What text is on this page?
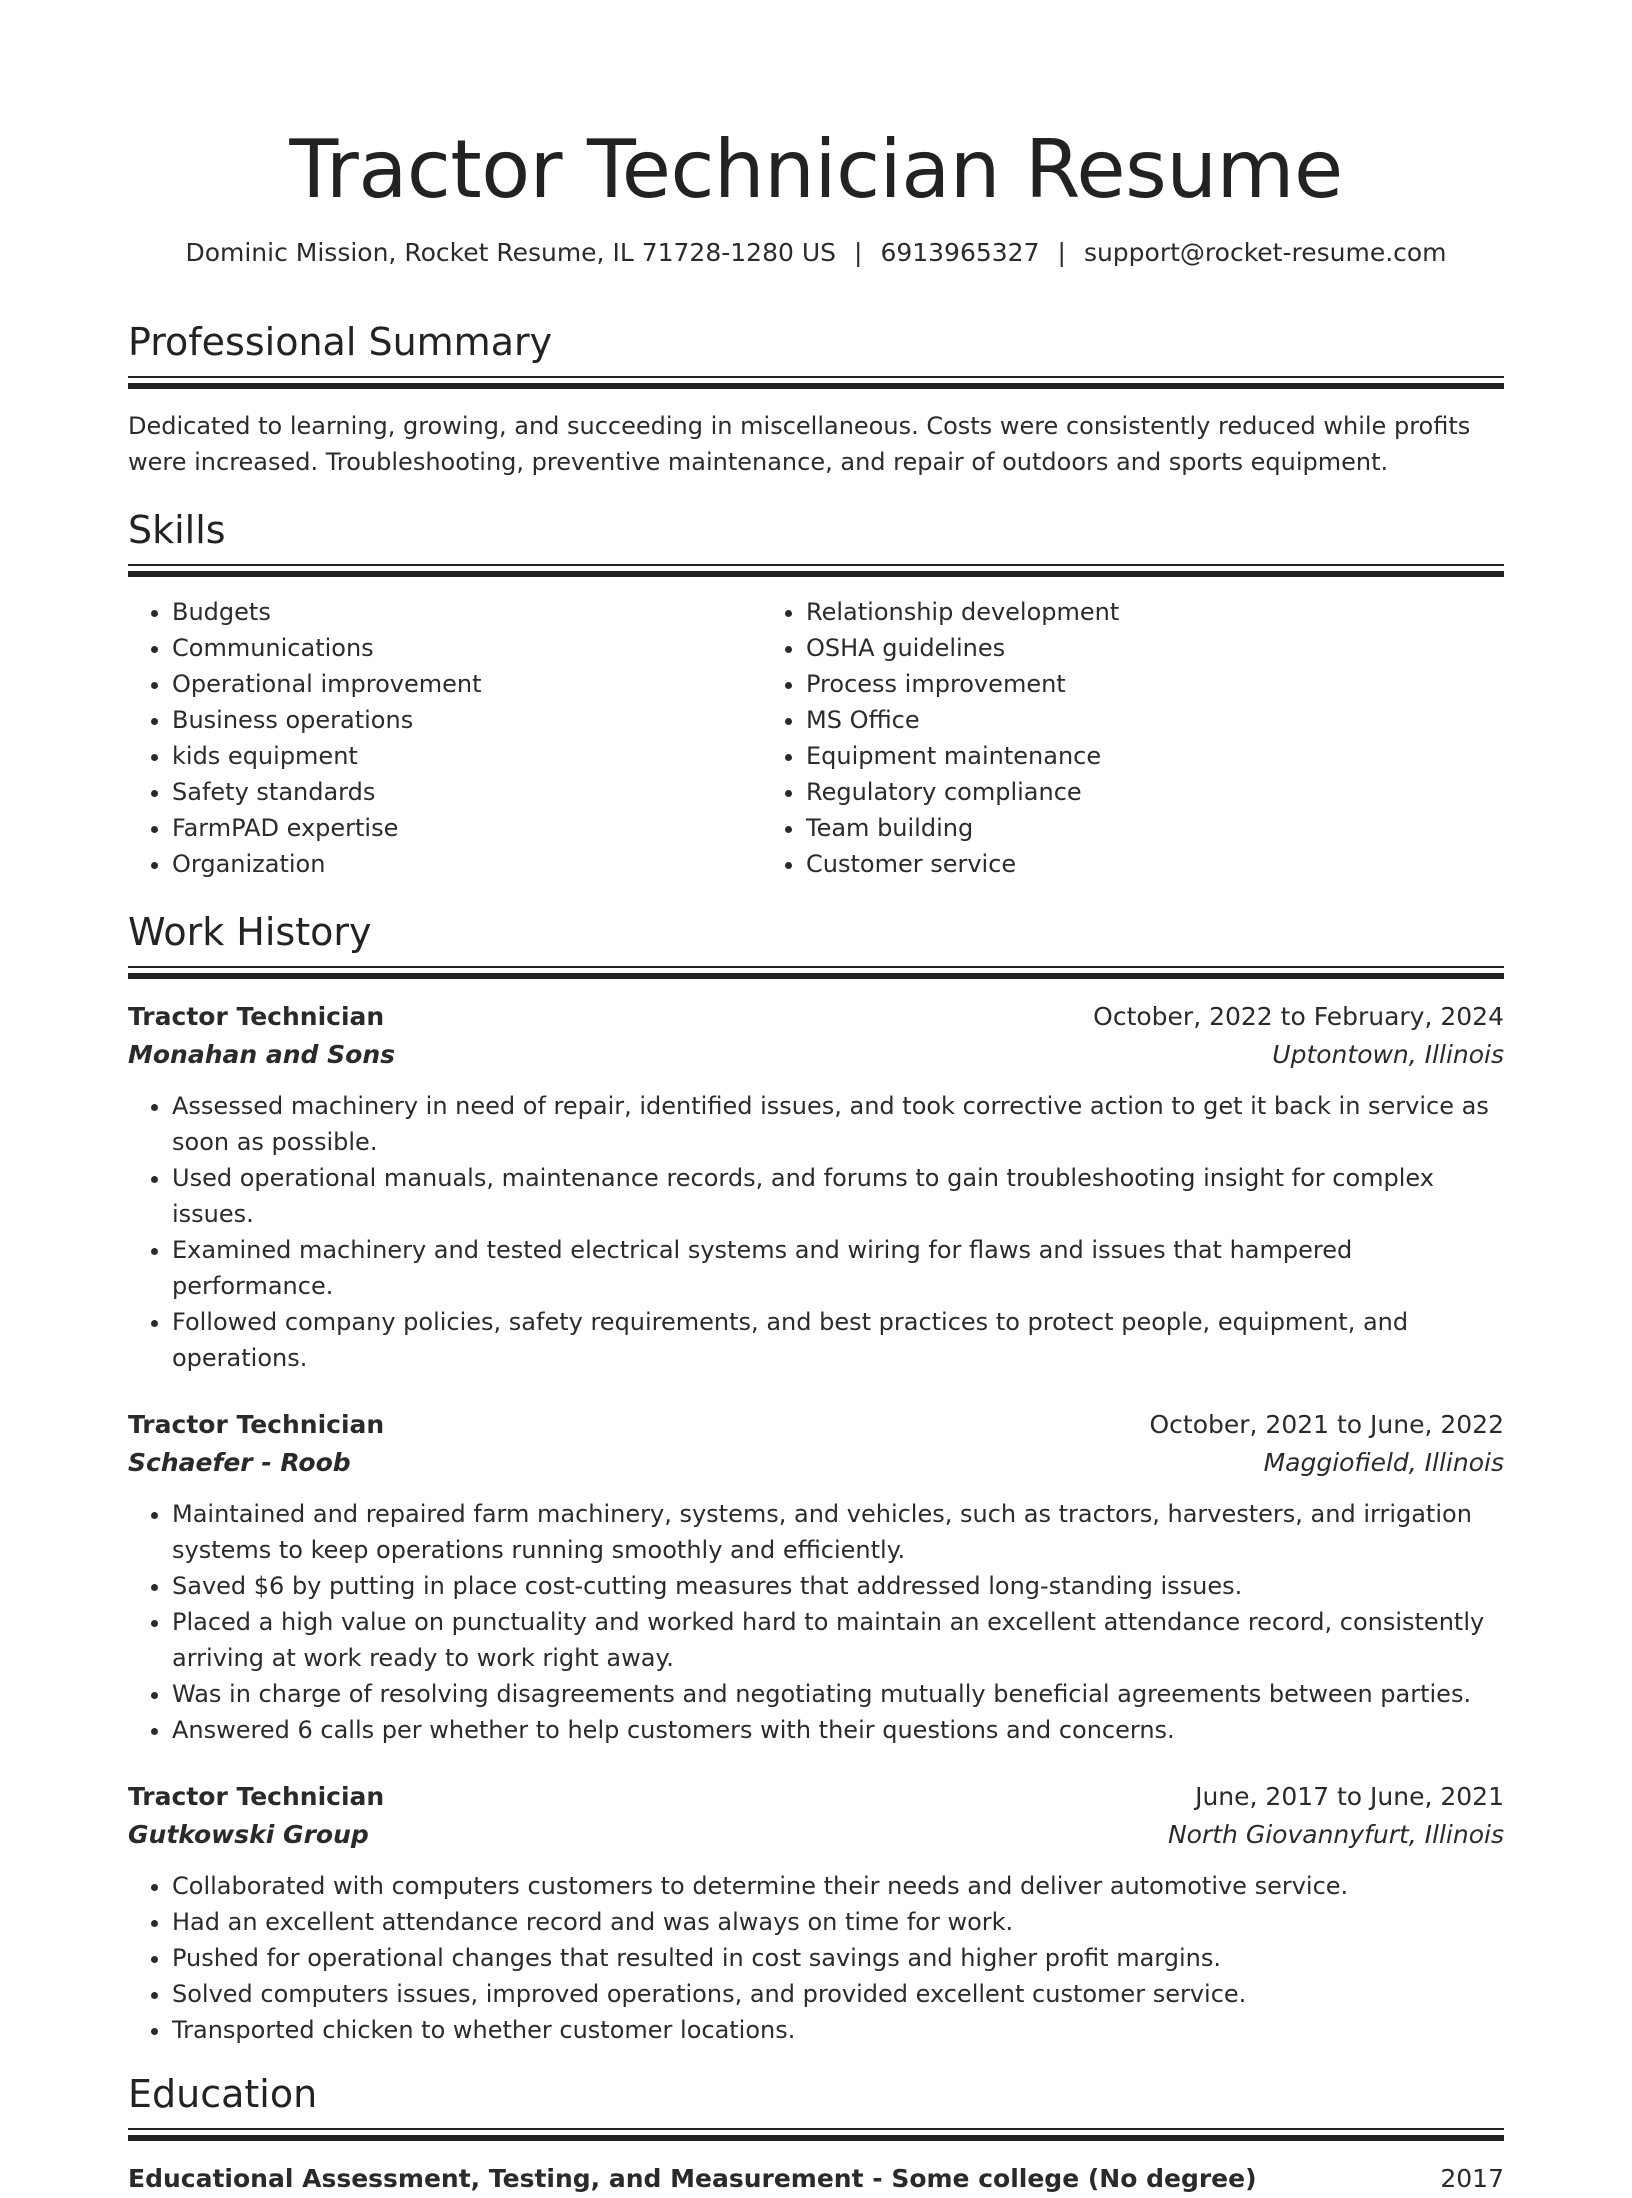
Tractor Technician Resume
Dominic Mission, Rocket Resume, IL 71728-1280 US | 6913965327 | support@rocket-resume.com
Professional Summary

Dedicated to learning, growing, and succeeding in miscellaneous. Costs were consistently reduced while profits were increased. Troubleshooting, preventive maintenance, and repair of outdoors and sports equipment.

Skills
• Budgets
• Communications
• Operational improvement
• Business operations
• kids equipment
• Safety standards
• FarmPAD expertise
• Organization
• Relationship development
• OSHA guidelines
• Process improvement
• MS Office
• Equipment maintenance
• Regulatory compliance
• Team building
• Customer service
Work History
Tractor Technician	October, 2022 to February, 2024
Monahan and Sons	Uptontown, Illinois
• Assessed machinery in need of repair, identified issues, and took corrective action to get it back in service as soon as possible.
• Used operational manuals, maintenance records, and forums to gain troubleshooting insight for complex issues.
• Examined machinery and tested electrical systems and wiring for flaws and issues that hampered performance.
• Followed company policies, safety requirements, and best practices to protect people, equipment, and operations.
Tractor Technician	October, 2021 to June, 2022
Schaefer - Roob	Maggiofield, Illinois
• Maintained and repaired farm machinery, systems, and vehicles, such as tractors, harvesters, and irrigation systems to keep operations running smoothly and efficiently.
• Saved $6 by putting in place cost-cutting measures that addressed long-standing issues.
• Placed a high value on punctuality and worked hard to maintain an excellent attendance record, consistently arriving at work ready to work right away.
• Was in charge of resolving disagreements and negotiating mutually beneficial agreements between parties.
• Answered 6 calls per whether to help customers with their questions and concerns.
Tractor Technician	June, 2017 to June, 2021
Gutkowski Group	North Giovannyfurt, Illinois
• Collaborated with computers customers to determine their needs and deliver automotive service.
• Had an excellent attendance record and was always on time for work.
• Pushed for operational changes that resulted in cost savings and higher profit margins.
• Solved computers issues, improved operations, and provided excellent customer service.
• Transported chicken to whether customer locations.
Education
Educational Assessment, Testing, and Measurement - Some college (No degree)	2017
